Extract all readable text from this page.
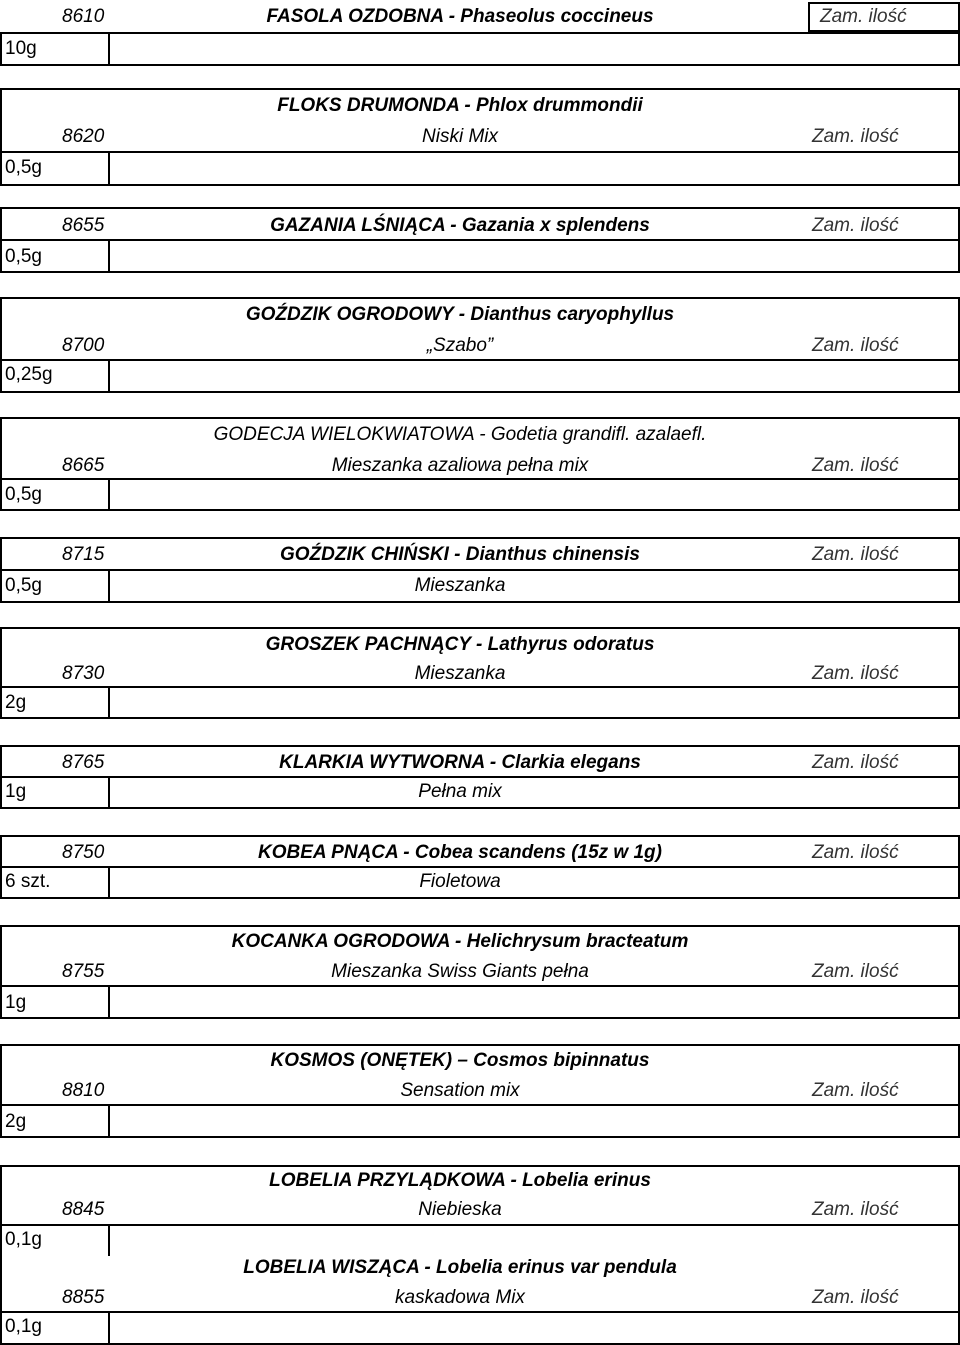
8610	FASOLA OZDOBNA - Phaseolus coccineus	Zam. ilość
10g
FLOKS DRUMONDA - Phlox drummondii
8620	Niski Mix	Zam. ilość
0,5g
8655	GAZANIA LŚNIĄCA - Gazania x splendens	Zam. ilość
0,5g
GOŹDZIK OGRODOWY - Dianthus caryophyllus
8700	„Szabo”	Zam. ilość
0,25g
GODECJA WIELOKWIATOWA - Godetia grandifl. azalaefl.
8665	Mieszanka azaliowa pełna mix	Zam. ilość
0,5g
8715	GOŹDZIK CHIŃSKI - Dianthus chinensis	Zam. ilość
0,5g	Mieszanka
GROSZEK PACHNĄCY - Lathyrus odoratus
8730	Mieszanka	Zam. ilość
2g
8765	KLARKIA WYTWORNA - Clarkia elegans	Zam. ilość
1g	Pełna mix
8750	KOBEA PNĄCA - Cobea scandens (15z w 1g)	Zam. ilość
6 szt.	Fioletowa
KOCANKA OGRODOWA - Helichrysum bracteatum
8755	Mieszanka Swiss Giants pełna	Zam. ilość
1g
KOSMOS (ONĘTEK) – Cosmos bipinnatus
8810	Sensation mix	Zam. ilość
2g
LOBELIA PRZYLĄDKOWA - Lobelia erinus
8845	Niebieska	Zam. ilość
0,1g
LOBELIA WISZĄCA - Lobelia erinus var pendula
8855	kaskadowa Mix	Zam. ilość
0,1g
